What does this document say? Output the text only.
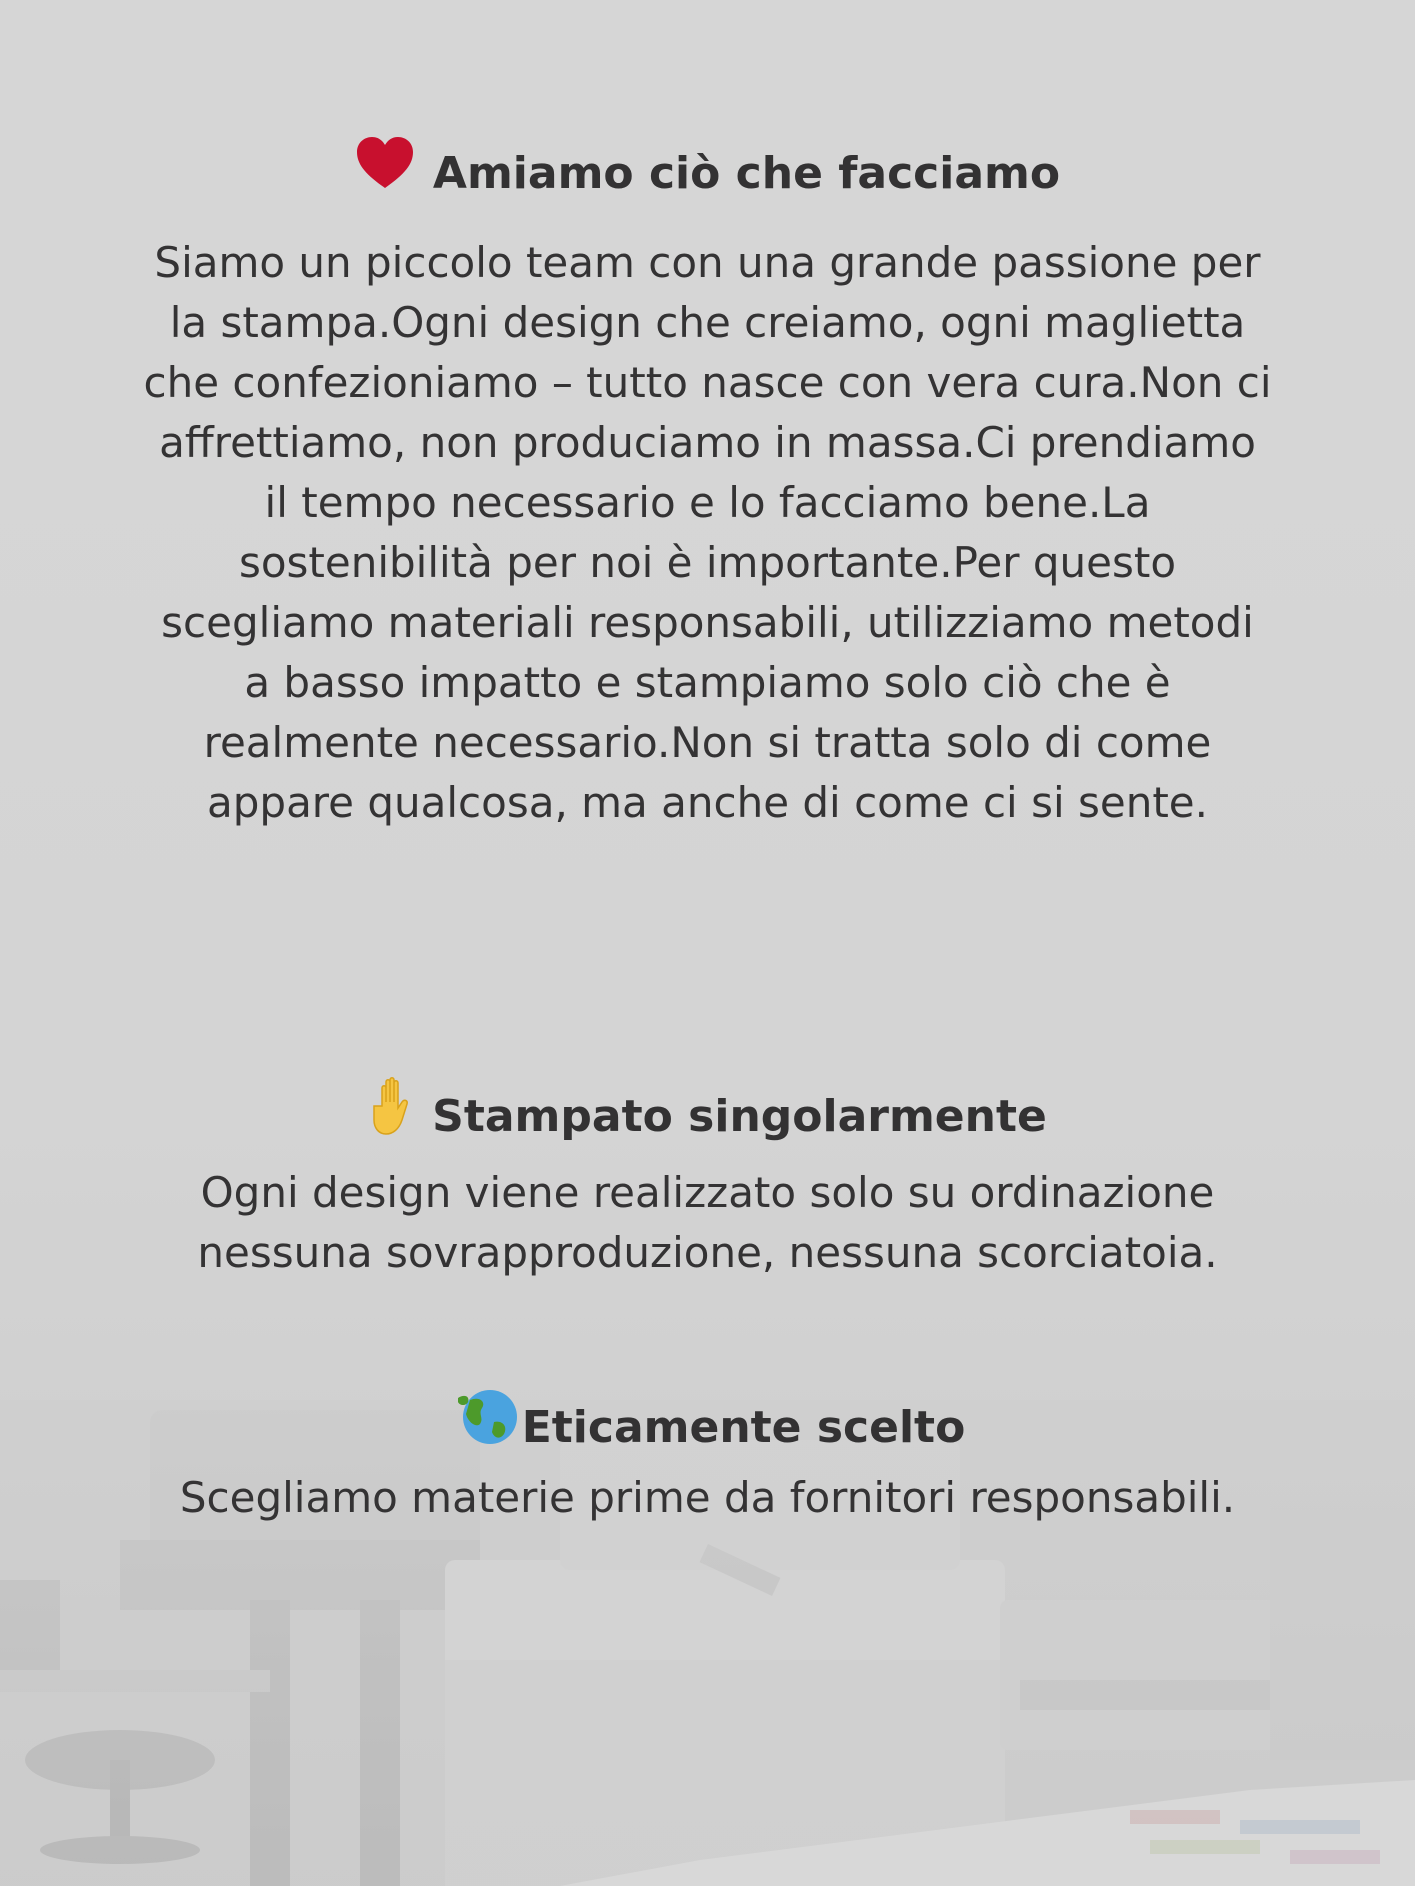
Amiamo ciò che facciamo

Siamo un piccolo team con una grande passione per

la stampa.Ogni design che creiamo, ogni maglietta

che confezioniamo – tutto nasce con vera cura.Non ci

affrettiamo, non produciamo in massa.Ci prendiamo

il tempo necessario e lo facciamo bene.La

sostenibilità per noi è importante.Per questo

scegliamo materiali responsabili, utilizziamo metodi

a basso impatto e stampiamo solo ciò che è

realmente necessario.Non si tratta solo di come

appare qualcosa, ma anche di come ci si sente.

Stampato singolarmente

Ogni design viene realizzato solo su ordinazione

nessuna sovrapproduzione, nessuna scorciatoia.

Eticamente scelto

Scegliamo materie prime da fornitori responsabili.
